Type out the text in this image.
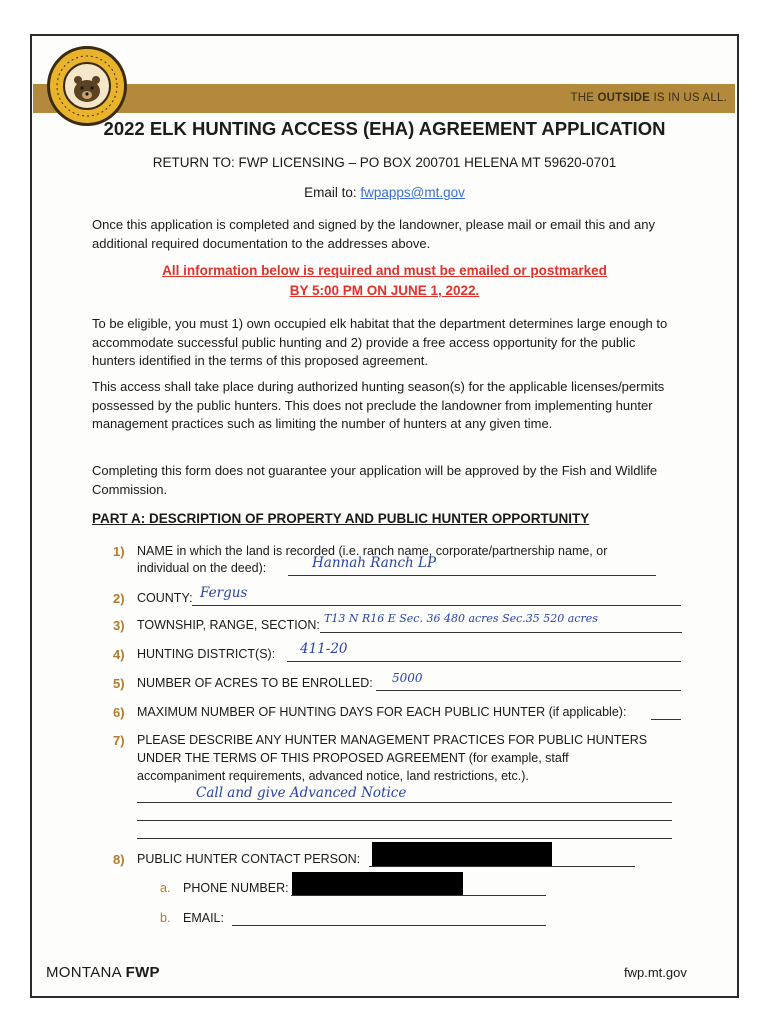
THE OUTSIDE IS IN US ALL.
2022 ELK HUNTING ACCESS (EHA) AGREEMENT APPLICATION
RETURN TO: FWP LICENSING – PO BOX 200701 HELENA MT 59620-0701
Email to: fwpapps@mt.gov
Once this application is completed and signed by the landowner, please mail or email this and any additional required documentation to the addresses above.
All information below is required and must be emailed or postmarked
BY 5:00 PM ON JUNE 1, 2022.
To be eligible, you must 1) own occupied elk habitat that the department determines large enough to accommodate successful public hunting and 2) provide a free access opportunity for the public hunters identified in the terms of this proposed agreement.
This access shall take place during authorized hunting season(s) for the applicable licenses/permits possessed by the public hunters. This does not preclude the landowner from implementing hunter management practices such as limiting the number of hunters at any given time.
Completing this form does not guarantee your application will be approved by the Fish and Wildlife Commission.
PART A: DESCRIPTION OF PROPERTY AND PUBLIC HUNTER OPPORTUNITY
1) NAME in which the land is recorded (i.e. ranch name, corporate/partnership name, or
individual on the deed):	Hannah Ranch LP
2) COUNTY: Fergus
3) TOWNSHIP, RANGE, SECTION: T13 N R16 E Sec. 36 480 acres Sec.35 520 acres
4) HUNTING DISTRICT(S): 411-20
5) NUMBER OF ACRES TO BE ENROLLED: 5000
6) MAXIMUM NUMBER OF HUNTING DAYS FOR EACH PUBLIC HUNTER (if applicable):
7) PLEASE DESCRIBE ANY HUNTER MANAGEMENT PRACTICES FOR PUBLIC HUNTERS
UNDER THE TERMS OF THIS PROPOSED AGREEMENT (for example, staff
accompaniment requirements, advanced notice, land restrictions, etc.).
Call and give Advanced Notice
8) PUBLIC HUNTER CONTACT PERSON:
a. PHONE NUMBER:
b. EMAIL:
MONTANA FWP	fwp.mt.gov
